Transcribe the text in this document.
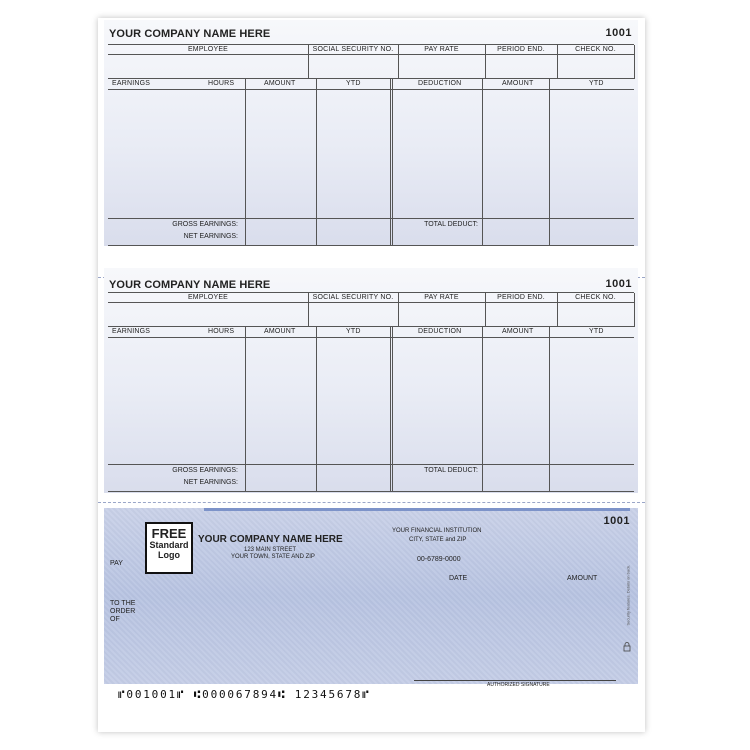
YOUR COMPANY NAME HERE	1001
EMPLOYEE	SOCIAL SECURITY NO.	PAY RATE	PERIOD END.	CHECK NO.
EARNINGS	HOURS	AMOUNT	YTD	DEDUCTION	AMOUNT	YTD
GROSS EARNINGS:
NET EARNINGS:
TOTAL DEDUCT:
YOUR COMPANY NAME HERE	1001
EMPLOYEE	SOCIAL SECURITY NO.	PAY RATE	PERIOD END.	CHECK NO.
EARNINGS	HOURS	AMOUNT	YTD	DEDUCTION	AMOUNT	YTD
GROSS EARNINGS:
NET EARNINGS:
TOTAL DEDUCT:
1001
FREE
Standard
Logo
YOUR COMPANY NAME HERE
123 MAIN STREET
YOUR TOWN, STATE AND ZIP
YOUR FINANCIAL INSTITUTION
CITY, STATE and ZIP
00-6789-0000
PAY
DATE	AMOUNT
TO THE
ORDER
OF
AUTHORIZED SIGNATURE
Security features. Details on back.
⑈001001⑈ ⑆000067894⑆ 12345678⑈
